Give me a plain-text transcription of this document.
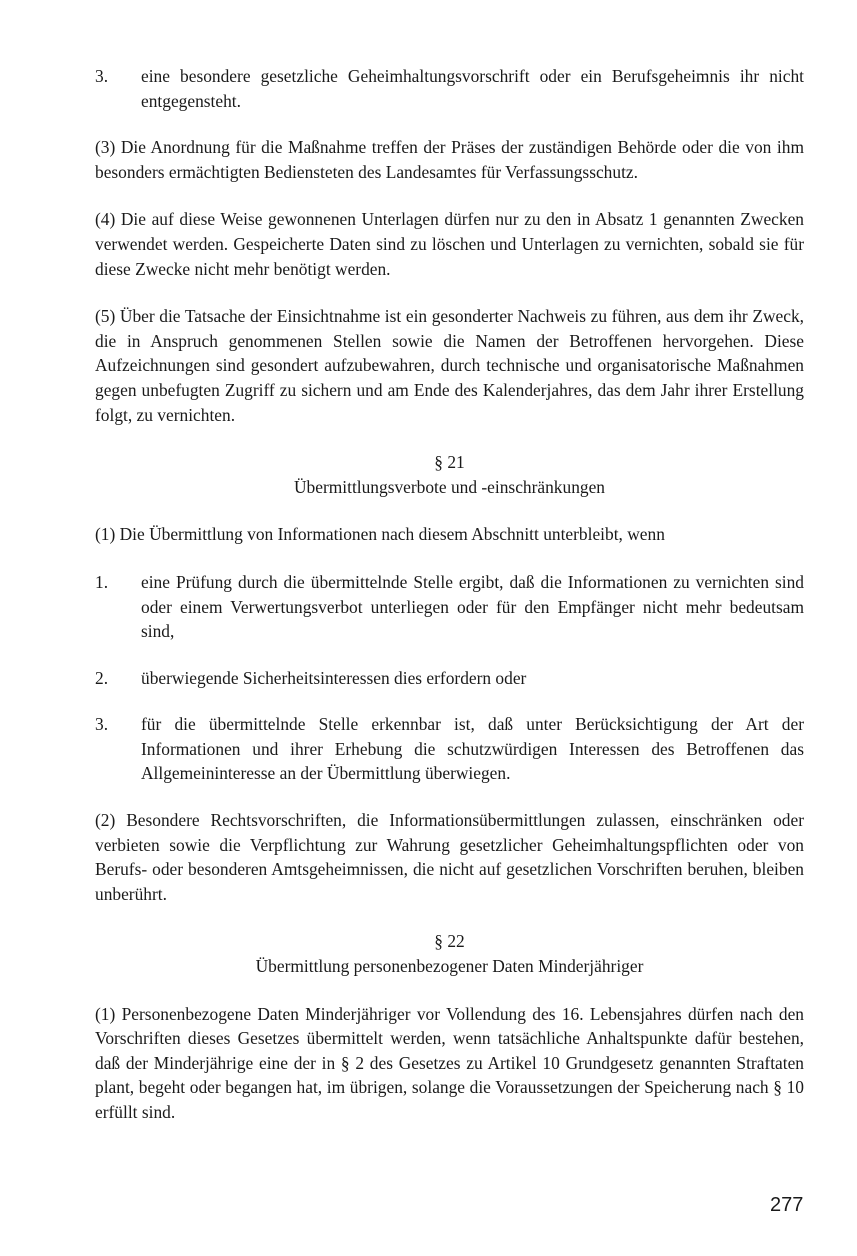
3. eine besondere gesetzliche Geheimhaltungsvorschrift oder ein Berufsgeheimnis ihr nicht entgegensteht.

(3) Die Anordnung für die Maßnahme treffen der Präses der zuständigen Behörde oder die von ihm besonders ermächtigten Bediensteten des Landesamtes für Verfassungsschutz.

(4) Die auf diese Weise gewonnenen Unterlagen dürfen nur zu den in Absatz 1 genannten Zwecken verwendet werden. Gespeicherte Daten sind zu löschen und Unterlagen zu vernichten, sobald sie für diese Zwecke nicht mehr benötigt werden.

(5) Über die Tatsache der Einsichtnahme ist ein gesonderter Nachweis zu führen, aus dem ihr Zweck, die in Anspruch genommenen Stellen sowie die Namen der Betroffenen hervorgehen. Diese Aufzeichnungen sind gesondert aufzubewahren, durch technische und organisatorische Maßnahmen gegen unbefugten Zugriff zu sichern und am Ende des Kalenderjahres, das dem Jahr ihrer Erstellung folgt, zu vernichten.

§ 21

Übermittlungsverbote und -einschränkungen

(1) Die Übermittlung von Informationen nach diesem Abschnitt unterbleibt, wenn

1. eine Prüfung durch die übermittelnde Stelle ergibt, daß die Informationen zu vernichten sind oder einem Verwertungsverbot unterliegen oder für den Empfänger nicht mehr bedeutsam sind,
2. überwiegende Sicherheitsinteressen dies erfordern oder
3. für die übermittelnde Stelle erkennbar ist, daß unter Berücksichtigung der Art der Informationen und ihrer Erhebung die schutzwürdigen Interessen des Betroffenen das Allgemeininteresse an der Übermittlung überwiegen.

(2) Besondere Rechtsvorschriften, die Informationsübermittlungen zulassen, einschränken oder verbieten sowie die Verpflichtung zur Wahrung gesetzlicher Geheimhaltungspflichten oder von Berufs- oder besonderen Amtsgeheimnissen, die nicht auf gesetzlichen Vorschriften beruhen, bleiben unberührt.

§ 22

Übermittlung personenbezogener Daten Minderjähriger

(1) Personenbezogene Daten Minderjähriger vor Vollendung des 16. Lebensjahres dürfen nach den Vorschriften dieses Gesetzes übermittelt werden, wenn tatsächliche Anhaltspunkte dafür bestehen, daß der Minderjährige eine der in § 2 des Gesetzes zu Artikel 10 Grundgesetz genannten Straftaten plant, begeht oder begangen hat, im übrigen, solange die Voraussetzungen der Speicherung nach § 10 erfüllt sind.

277
